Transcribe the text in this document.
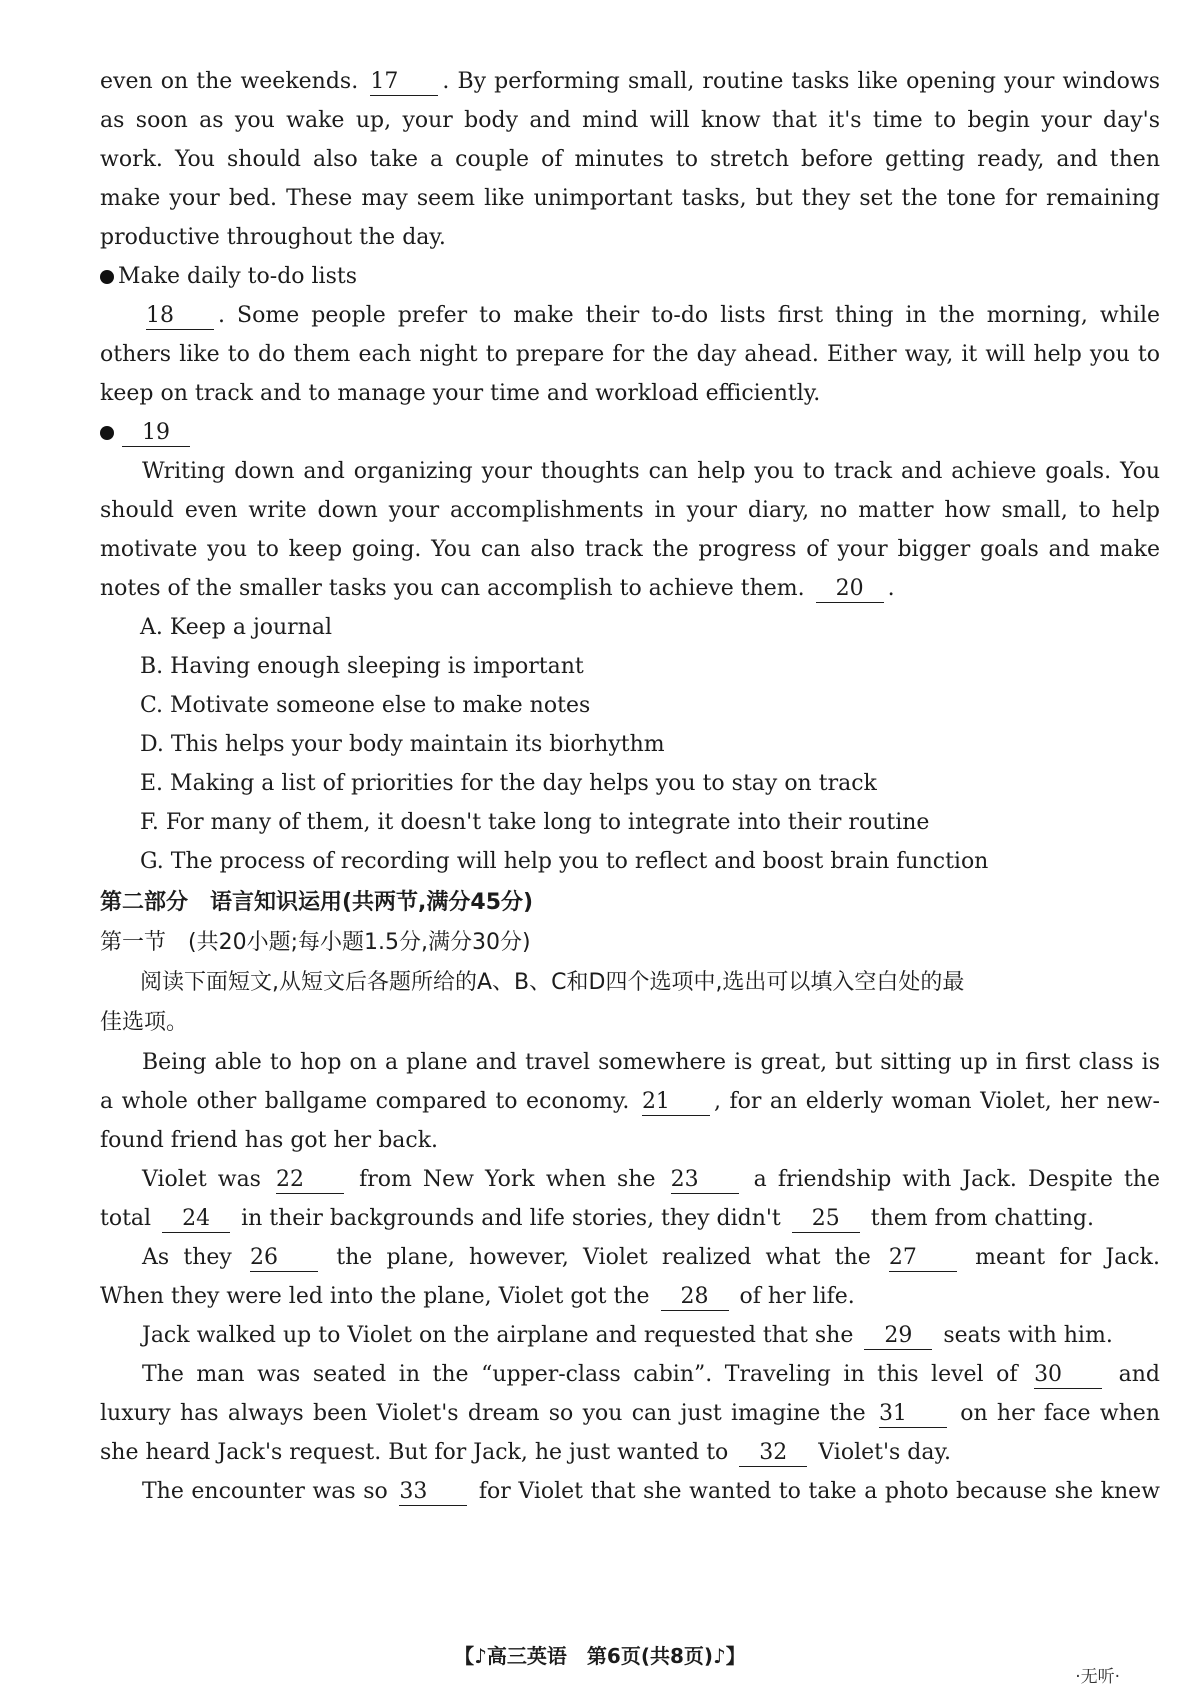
even on the weekends. 17 . By performing small, routine tasks like opening your windows
as soon as you wake up, your body and mind will know that it's time to begin your day's
work. You should also take a couple of minutes to stretch before getting ready, and then
make your bed. These may seem like unimportant tasks, but they set the tone for remaining
productive throughout the day.
Make daily to-do lists
18 . Some people prefer to make their to-do lists first thing in the morning, while
others like to do them each night to prepare for the day ahead. Either way, it will help you to
keep on track and to manage your time and workload efficiently.
19
Writing down and organizing your thoughts can help you to track and achieve goals. You
should even write down your accomplishments in your diary, no matter how small, to help
motivate you to keep going. You can also track the progress of your bigger goals and make
notes of the smaller tasks you can accomplish to achieve them. 20 .
A. Keep a journal
B. Having enough sleeping is important
C. Motivate someone else to make notes
D. This helps your body maintain its biorhythm
E. Making a list of priorities for the day helps you to stay on track
F. For many of them, it doesn't take long to integrate into their routine
G. The process of recording will help you to reflect and boost brain function
第二部分　语言知识运用(共两节,满分45分)
第一节　(共20小题;每小题1.5分,满分30分)
阅读下面短文,从短文后各题所给的A、B、C和D四个选项中,选出可以填入空白处的最
佳选项。
Being able to hop on a plane and travel somewhere is great, but sitting up in first class is
a whole other ballgame compared to economy. 21 , for an elderly woman Violet, her new-
found friend has got her back.
Violet was 22 from New York when she 23 a friendship with Jack. Despite the
total 24 in their backgrounds and life stories, they didn't 25 them from chatting.
As they 26 the plane, however, Violet realized what the 27 meant for Jack.
When they were led into the plane, Violet got the 28 of her life.
Jack walked up to Violet on the airplane and requested that she 29 seats with him.
The man was seated in the “upper-class cabin”. Traveling in this level of 30 and
luxury has always been Violet's dream so you can just imagine the 31 on her face when
she heard Jack's request. But for Jack, he just wanted to 32 Violet's day.
The encounter was so 33 for Violet that she wanted to take a photo because she knew
【♪高三英语　第6页(共8页)♪】
·无听·
